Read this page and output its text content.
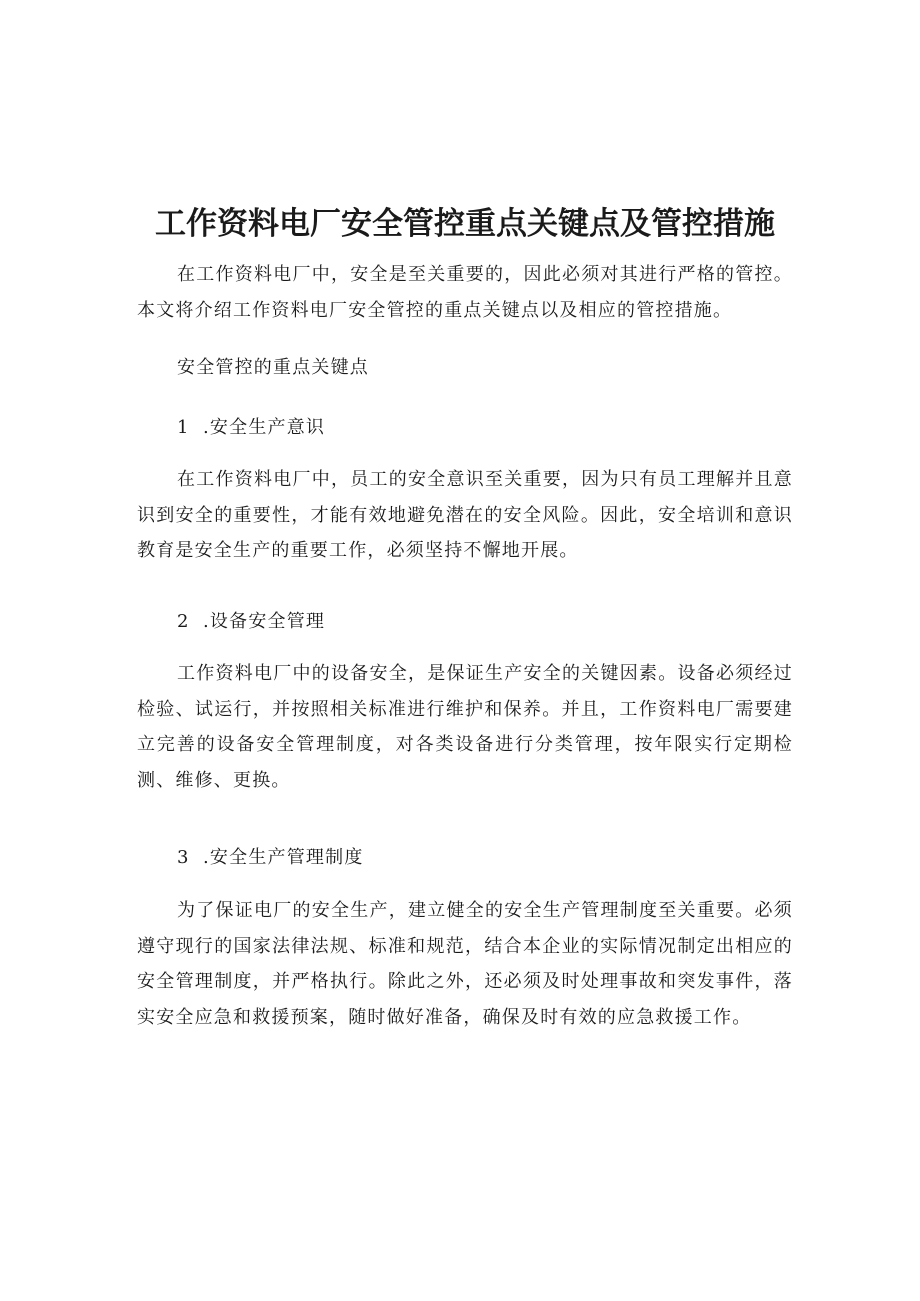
工作资料电厂安全管控重点关键点及管控措施

在工作资料电厂中，安全是至关重要的，因此必须对其进行严格的管控。本文将介绍工作资料电厂安全管控的重点关键点以及相应的管控措施。

安全管控的重点关键点

1 .安全生产意识

在工作资料电厂中，员工的安全意识至关重要，因为只有员工理解并且意识到安全的重要性，才能有效地避免潜在的安全风险。因此，安全培训和意识教育是安全生产的重要工作，必须坚持不懈地开展。

2 .设备安全管理

工作资料电厂中的设备安全，是保证生产安全的关键因素。设备必须经过检验、试运行，并按照相关标准进行维护和保养。并且，工作资料电厂需要建立完善的设备安全管理制度，对各类设备进行分类管理，按年限实行定期检测、维修、更换。

3 .安全生产管理制度

为了保证电厂的安全生产，建立健全的安全生产管理制度至关重要。必须遵守现行的国家法律法规、标准和规范，结合本企业的实际情况制定出相应的安全管理制度，并严格执行。除此之外，还必须及时处理事故和突发事件，落实安全应急和救援预案，随时做好准备，确保及时有效的应急救援工作。
